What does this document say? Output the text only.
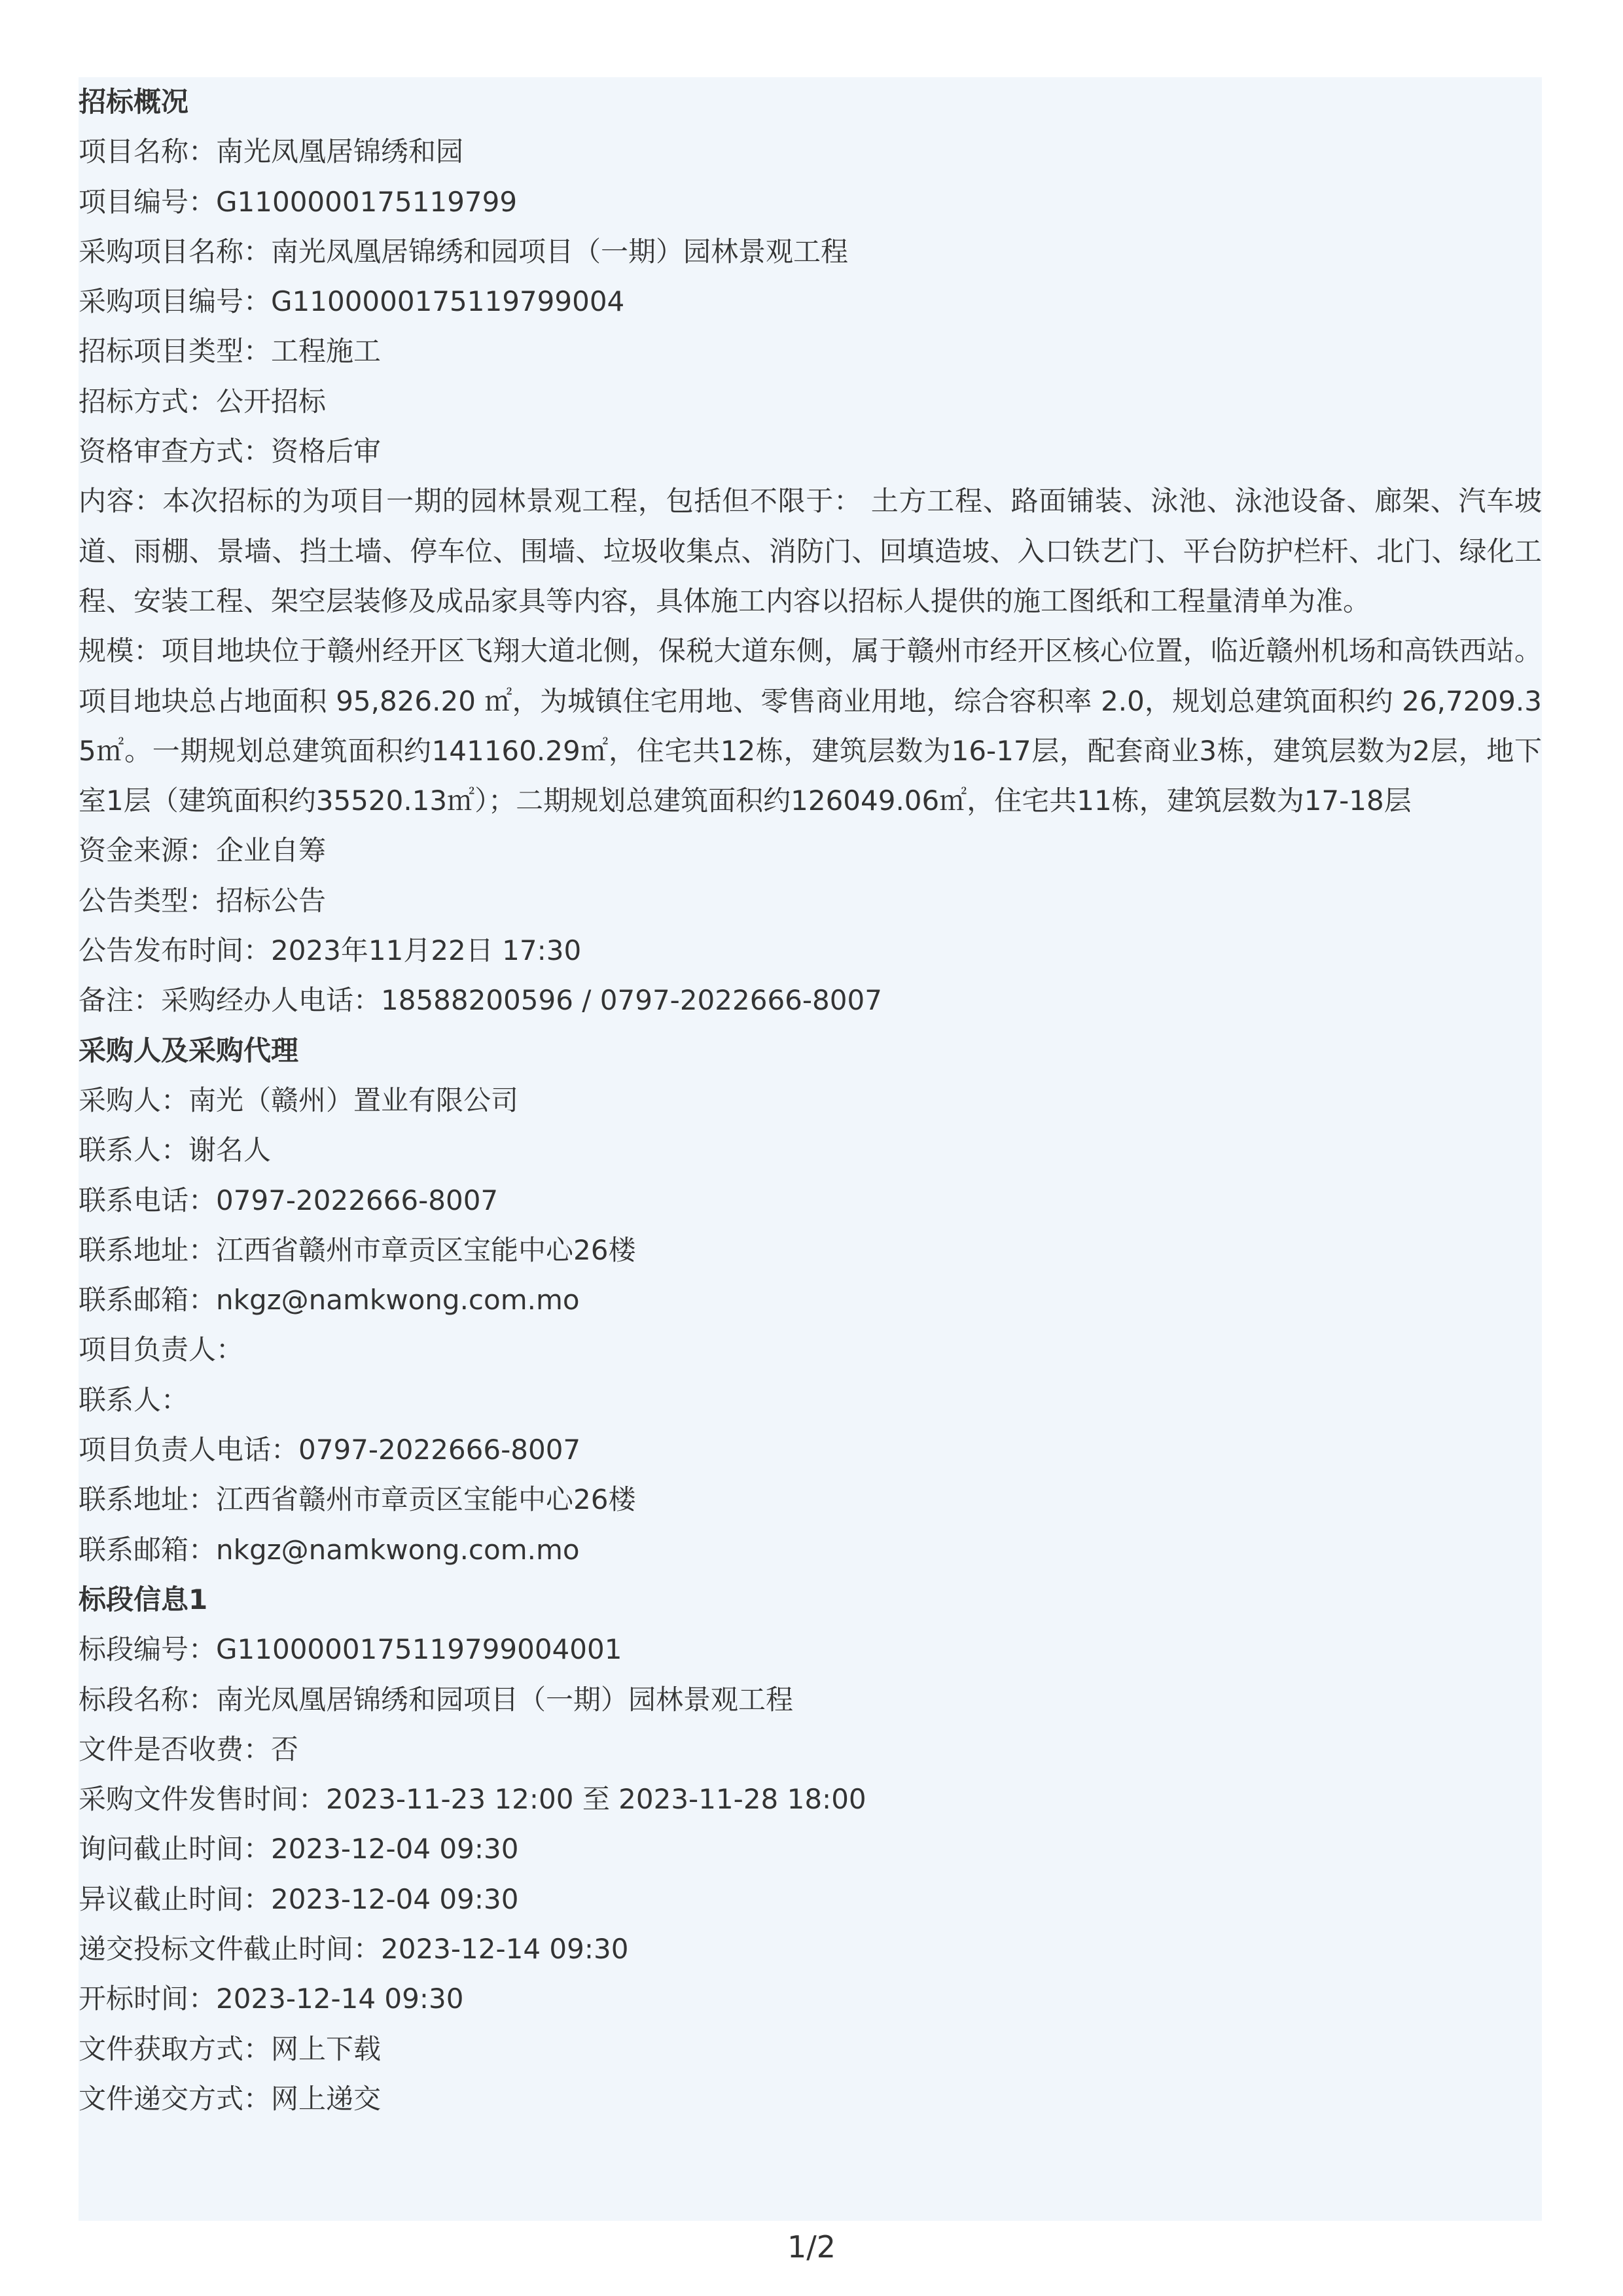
招标概况
项目名称：南光凤凰居锦绣和园
项目编号：G1100000175119799
采购项目名称：南光凤凰居锦绣和园项目（一期）园林景观工程
采购项目编号：G1100000175119799004
招标项目类型：工程施工
招标方式：公开招标
资格审查方式：资格后审
内容：本次招标的为项目一期的园林景观工程，包括但不限于： 土方工程、路面铺装、泳池、泳池设备、廊架、汽车坡道、雨棚、景墙、挡土墙、停车位、围墙、垃圾收集点、消防门、回填造坡、入口铁艺门、平台防护栏杆、北门、绿化工程、安装工程、架空层装修及成品家具等内容，具体施工内容以招标人提供的施工图纸和工程量清单为准。
规模：项目地块位于赣州经开区飞翔大道北侧，保税大道东侧，属于赣州市经开区核心位置，临近赣州机场和高铁西站。项目地块总占地面积 95,826.20 ㎡，为城镇住宅用地、零售商业用地，综合容积率 2.0，规划总建筑面积约 26,7209.35㎡。一期规划总建筑面积约141160.29㎡，住宅共12栋，建筑层数为16-17层，配套商业3栋，建筑层数为2层，地下室1层（建筑面积约35520.13㎡）；二期规划总建筑面积约126049.06㎡，住宅共11栋，建筑层数为17-18层
资金来源：企业自筹
公告类型：招标公告
公告发布时间：2023年11月22日 17:30
备注：采购经办人电话：18588200596 / 0797-2022666-8007
采购人及采购代理
采购人：南光（赣州）置业有限公司
联系人：谢名人
联系电话：0797-2022666-8007
联系地址：江西省赣州市章贡区宝能中心26楼
联系邮箱：nkgz@namkwong.com.mo
项目负责人：
联系人：
项目负责人电话：0797-2022666-8007
联系地址：江西省赣州市章贡区宝能中心26楼
联系邮箱：nkgz@namkwong.com.mo
标段信息1
标段编号：G1100000175119799004001
标段名称：南光凤凰居锦绣和园项目（一期）园林景观工程
文件是否收费：否
采购文件发售时间：2023-11-23 12:00 至 2023-11-28 18:00
询问截止时间：2023-12-04 09:30
异议截止时间：2023-12-04 09:30
递交投标文件截止时间：2023-12-14 09:30
开标时间：2023-12-14 09:30
文件获取方式：网上下载
文件递交方式：网上递交
1/2
